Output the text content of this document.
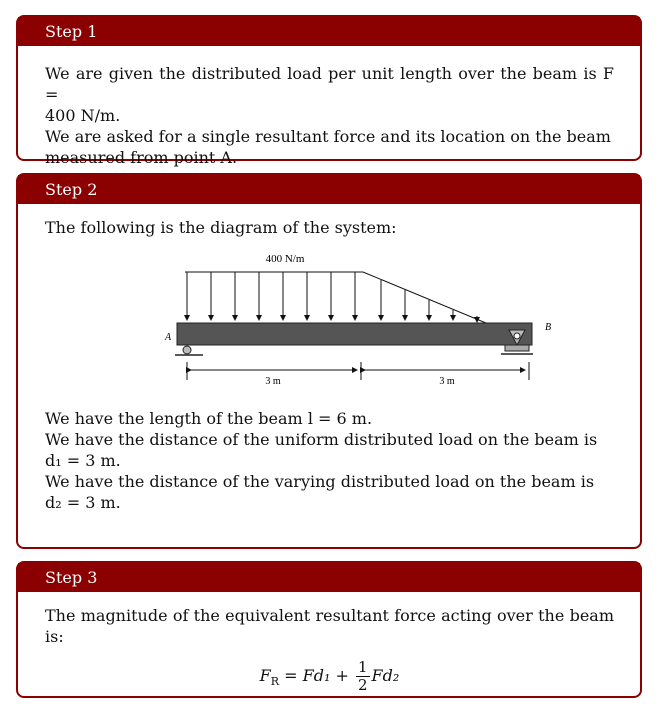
Step 1

We are given the distributed load per unit length over the beam is F =

400 N/m.

We are asked for a single resultant force and its location on the beam

measured from point A.

Step 2

The following is the diagram of the system:

400 N/m
A
B
3 m	3 m

We have the length of the beam l = 6 m.

We have the distance of the uniform distributed load on the beam is

d₁ = 3 m.

We have the distance of the varying distributed load on the beam is

d₂ = 3 m.

Step 3

The magnitude of the equivalent resultant force acting over the beam is:

$F_R = Fd_1 + \frac{1}{2} Fd_2$
